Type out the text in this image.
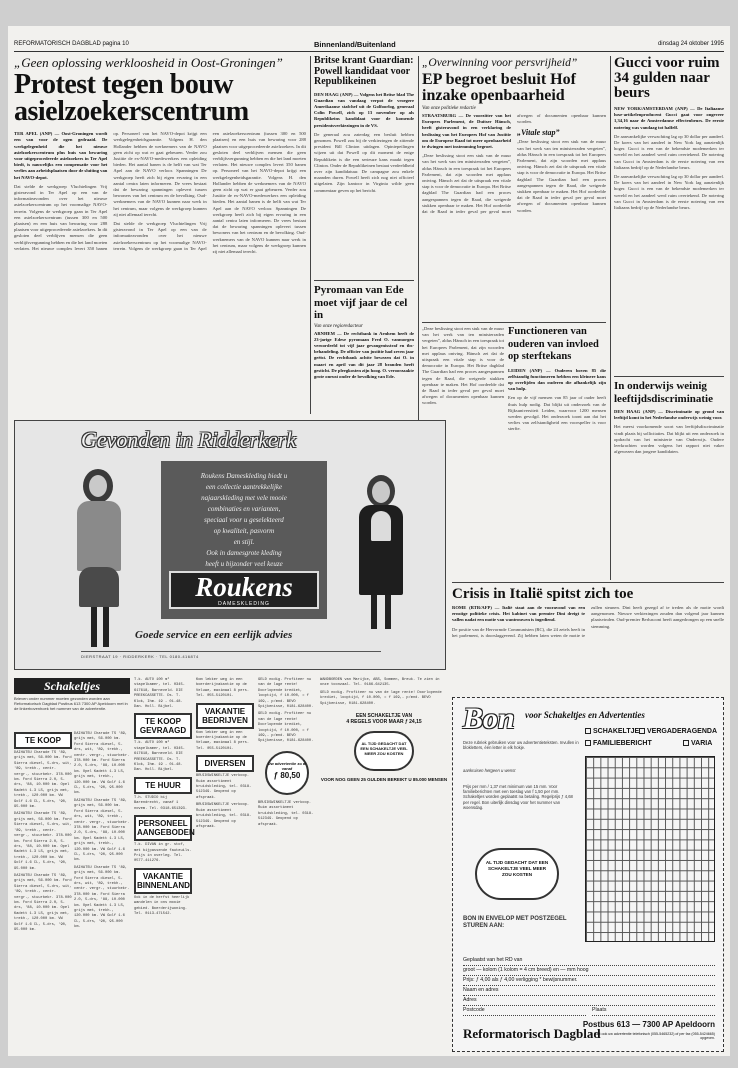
REFORMATORISCH DAGBLAD pagina 10	Binnenland/Buitenland	dinsdag 24 oktober 1995
„Geen oplossing werkloosheid in Oost-Groningen”
Protest tegen bouw asielzoekerscentrum

TER APEL (ANP) — Oost-Groningen wordt een van voor de ogen gedraaid. De werkgelegenheid die het nieuwe asielzoekerscentrum plus huis van bewaring voor uitgeprocedeerde asielzoekers in Ter Apel biedt, is nauwelijks een compensatie voor het verlies aan arbeidsplaatsen door de sluiting van het NAVO-depot.

Dat stelde de werkgroep Vluchtelingen Vrij gisteravond in Ter Apel op een van de informatieavonden over het nieuwe asielzoekerscentrum op het voormalige NAVO-terrein. Volgens de werkgroep gaan in Ter Apel een asielzoekerscentrum (tussen 300 en 500 plaatsen) en een huis van bewaring voor 288 plaatsen voor uitgeprocedeerde asielzoekers. In dit gesloten deel verblijven mensen die geen verblijfsvergunning hebben en die het land moeten verlaten. Het nieuwe complex levert 350 banen op. Personeel van het NAVO-depot krijgt een werkgelegenheidsgarantie. Volgens H. den Hollander hebben de werknemers van de NAVO geen zicht op wat er gaat gebeuren. Verder zou Justitie de ex-NAVO-medewerkers een opleiding bieden. Het aantal banen is de helft van wat Ter Apel aan de NAVO verloor. Spanningen De werkgroep heeft zich bij eigen ervaring in een aantal centra laten informeren. De vrees bestaat dat de bewaring spanningen oplevert tussen bewoners van het centrum en de bevolking. Oud-werknemers van de NAVO kunnen naar werk in het centrum, maar volgens de werkgroep kunnen zij niet allemaal terecht.

Dat stelde de werkgroep Vluchtelingen Vrij gisteravond in Ter Apel op een van de informatieavonden over het nieuwe asielzoekerscentrum op het voormalige NAVO-terrein. Volgens de werkgroep gaan in Ter Apel een asielzoekerscentrum (tussen 300 en 500 plaatsen) en een huis van bewaring voor 288 plaatsen voor uitgeprocedeerde asielzoekers. In dit gesloten deel verblijven mensen die geen verblijfsvergunning hebben en die het land moeten verlaten. Het nieuwe complex levert 350 banen op. Personeel van het NAVO-depot krijgt een werkgelegenheidsgarantie. Volgens H. den Hollander hebben de werknemers van de NAVO geen zicht op wat er gaat gebeuren. Verder zou Justitie de ex-NAVO-medewerkers een opleiding bieden. Het aantal banen is de helft van wat Ter Apel aan de NAVO verloor. Spanningen De werkgroep heeft zich bij eigen ervaring in een aantal centra laten informeren. De vrees bestaat dat de bewaring spanningen oplevert tussen bewoners van het centrum en de bevolking. Oud-werknemers van de NAVO kunnen naar werk in het centrum, maar volgens de werkgroep kunnen zij niet allemaal terecht.

Britse krant Guardian: Powell kandidaat voor Republikeinen

DEN HAAG (ANP) — Volgens het Britse blad The Guardian van vandaag verpot de vroegere Amerikaanse stafchef uit de Golfoorlog, generaal Colin Powell, zich op 13 november op als Republikeins kandidaat voor de komende presidentsverkiezingen in de VS.

De generaal zou zaterdag een besluit hebben genomen. Powell zou bij de verkiezingen de zittende president Bill Clinton uitdagen. Opiniepeilingen wijzen uit dat Powell op dit moment de enige Republikein is die een serieuze kans maakt tegen Clinton. Onder de Republikeinen bestaat verdeeldheid over zijn kandidatuur. De campagne zou enkele maanden duren. Powell heeft zich nog niet officieel uitgelaten. Zijn kantoor in Virginia wilde geen commentaar geven op het bericht.

Pyromaan van Ede moet vijf jaar de cel in
Van onze regioredacteur

ARNHEM — De rechtbank in Arnhem heeft de 23-jarige Edese pyromaan Fred O. vanmorgen veroordeeld tot vijf jaar gevangenisstraf en tbs-behandeling. De officier van justitie had zeven jaar geëist. De rechtbank achtte bewezen dat O. in maart en april van dit jaar 28 branden heeft gesticht. De pleegkosten zijn hoog. O. veroorzaakte grote onrust onder de bevolking van Ede.

„Overwinning voor persvrijheid”
EP begroet besluit Hof inzake openbaarheid
Van onze politieke redactie

STRAATSBURG — De voorzitter van het Europees Parlement, de Duitser Hänsch, heeft gisteravond in een verklaring de beslissing van het Europees Hof van Justitie om de Europese Raad tot meer openbaarheid te dwingen met instemming begroet.

„Deze beslissing stoot een stuk van de muur van het werk van ten ministerraden vergeten”, aldus Hänsch in een toespraak tot het Europees Parlement, dat zijn woorden met applaus ontving. Hänsch zei dat de uitspraak een vitale stap is voor de democratie in Europa. Het Britse dagblad The Guardian had een proces aangespannen tegen de Raad, die weigerde stukken openbaar te maken. Het Hof oordeelde dat de Raad in ieder geval per geval moet afwegen of documenten openbaar kunnen worden.

„Vitale stap”

„Deze beslissing stoot een stuk van de muur van het werk van ten ministerraden vergeten”, aldus Hänsch in een toespraak tot het Europees Parlement, dat zijn woorden met applaus ontving. Hänsch zei dat de uitspraak een vitale stap is voor de democratie in Europa. Het Britse dagblad The Guardian had een proces aangespannen tegen de Raad, die weigerde stukken openbaar te maken. Het Hof oordeelde dat de Raad in ieder geval per geval moet afwegen of documenten openbaar kunnen worden.

Functioneren van ouderen van invloed op sterftekans

LEIDEN (ANP) — Ouderen boven 85 die zelfstandig functioneren hebben een kleinere kans op overlijden dan ouderen die afhankelijk zijn van hulp.

Een op de vijf mensen van 85 jaar of ouder heeft thuis hulp nodig. Dat blijkt uit onderzoek van de Rijksuniversiteit Leiden, waarvoor 1200 mensen werden gevolgd. Het onderzoek toont aan dat het verlies van zelfstandigheid een voorspeller is voor sterfte.

„Deze beslissing stoot een stuk van de muur van het werk van ten ministerraden vergeten”, aldus Hänsch in een toespraak tot het Europees Parlement, dat zijn woorden met applaus ontving. Hänsch zei dat de uitspraak een vitale stap is voor de democratie in Europa. Het Britse dagblad The Guardian had een proces aangespannen tegen de Raad, die weigerde stukken openbaar te maken. Het Hof oordeelde dat de Raad in ieder geval per geval moet afwegen of documenten openbaar kunnen worden.

Gucci voor ruim 34 gulden naar beurs

NEW YORK/AMSTERDAM (ANP) — De Italiaanse luxe-artikelenproducent Gucci gaat voor ongeveer 1,34,16 naar de Amsterdamse effectenbeurs. De eerste notering was vandaag tot halfelf.

De aanvankelijke verwachting lag op 30 dollar per aandeel. De koers van het aandeel in New York lag aanzienlijk hoger. Gucci is een van de bekendste modemerken ter wereld en het aandeel werd ruim overtekend. De notering van Gucci in Amsterdam is de eerste notering van een Italiaans bedrijf op de Nederlandse beurs.

De aanvankelijke verwachting lag op 30 dollar per aandeel. De koers van het aandeel in New York lag aanzienlijk hoger. Gucci is een van de bekendste modemerken ter wereld en het aandeel werd ruim overtekend. De notering van Gucci in Amsterdam is de eerste notering van een Italiaans bedrijf op de Nederlandse beurs.

In onderwijs weinig leeftijdsdiscriminatie

DEN HAAG (ANP) — Discriminatie op grond van leeftijd komt in het Nederlandse onderwijs weinig voor.

Het meest voorkomende soort van leeftijdsdiscriminatie vindt plaats bij sollicitaties. Dat blijkt uit een onderzoek in opdracht van het ministerie van Onderwijs. Oudere leerkrachten worden volgens het rapport niet vaker afgewezen dan jongere kandidaten.

Crisis in Italië spitst zich toe

ROME (RTR/AFP) — Italië staat aan de vooravond van een ernstige politieke crisis. Het kabinet van premier Dini dreigt te vallen nadat een motie van wantrouwen is ingediend.

De positie van de Hervormde Communisten (RC), die 24 zetels heeft in het parlement, is doorslaggevend. Zij hebben laten weten de motie te zullen steunen. Dini heeft gezegd af te treden als de motie wordt aangenomen. Nieuwe verkiezingen zouden dan volgend jaar kunnen plaatsvinden. Oud-premier Berlusconi heeft aangedrongen op een snelle stemming.

Gevonden in Ridderkerk
Roukens Dameskleding biedt u
een collectie aantrekkelijke
najaarskleding met vele mooie
combinaties en varianten,
speciaal voor u geselekteerd
op kwaliteit, pasvorm
en stijl.
Ook in damesgrote kleding
heeft u bijzonder veel keuze
Roukens
DAMESKLEDING
Goede service en een eerlijk advies
DIERSTRAAT 19 · RIDDERKERK · TEL 0180-416874
Schakeltjes
Brieven onder nummer moeten gezonden worden aan Reformatorisch Dagblad Postbus 613 7300 AP Apeldoorn met in de linkerbovenhoek het nummer van de advertentie.
TE KOOP
DAIHATSU Charade TS '89, grijs met, 56.000 km. Ford Sierra diesel, 5-drs, wit, '89, trekh., centr. vergr., stuurbekr. 378.000 km. Ford Sierra 2.0, 5-drs, '88, 10.000 km. Opel Kadett 1.3 LS, grijs met, trekh., 120.000 km. VW Golf 1.6 CL, 5-drs, '90, 95.000 km.
DAIHATSU Charade TS '89, grijs met, 56.000 km. Ford Sierra diesel, 5-drs, wit, '89, trekh., centr. vergr., stuurbekr. 378.000 km. Ford Sierra 2.0, 5-drs, '88, 10.000 km. Opel Kadett 1.3 LS, grijs met, trekh., 120.000 km. VW Golf 1.6 CL, 5-drs, '90, 95.000 km.
DAIHATSU Charade TS '89, grijs met, 56.000 km. Ford Sierra diesel, 5-drs, wit, '89, trekh., centr. vergr., stuurbekr. 378.000 km. Ford Sierra 2.0, 5-drs, '88, 10.000 km. Opel Kadett 1.3 LS, grijs met, trekh., 120.000 km. VW Golf 1.6 CL, 5-drs, '90, 95.000 km.
DAIHATSU Charade TS '89, grijs met, 56.000 km. Ford Sierra diesel, 5-drs, wit, '89, trekh., centr. vergr., stuurbekr. 378.000 km. Ford Sierra 2.0, 5-drs, '88, 10.000 km. Opel Kadett 1.3 LS, grijs met, trekh., 120.000 km. VW Golf 1.6 CL, 5-drs, '90, 95.000 km.
DAIHATSU Charade TS '89, grijs met, 56.000 km. Ford Sierra diesel, 5-drs, wit, '89, trekh., centr. vergr., stuurbekr. 378.000 km. Ford Sierra 2.0, 5-drs, '88, 10.000 km. Opel Kadett 1.3 LS, grijs met, trekh., 120.000 km. VW Golf 1.6 CL, 5-drs, '90, 95.000 km.
DAIHATSU Charade TS '89, grijs met, 56.000 km. Ford Sierra diesel, 5-drs, wit, '89, trekh., centr. vergr., stuurbekr. 378.000 km. Ford Sierra 2.0, 5-drs, '88, 10.000 km. Opel Kadett 1.3 LS, grijs met, trekh., 120.000 km. VW Golf 1.6 CL, 5-drs, '90, 95.000 km.
T.k. AUTO 100 m² stapelkamer, tel. 0345-617618, Barneveld. DIE PREEKCASSETTE. Ds. T. Klok, Ihm. 19 - 01-48. Dan. Holl. Bijbel.
TE KOOP GEVRAAGD
T.k. AUTO 100 m² stapelkamer, tel. 0345-617618, Barneveld. DIE PREEKCASSETTE. Ds. T. Klok, Ihm. 19 - 01-48. Dan. Holl. Bijbel.
TE HUUR
T.h. STUDIO bij Barendrecht, vanaf 1 novem. Tel. 0318-651393.
PERSONEEL AANGEBODEN
T.k. DIVAN in gr. stof, met bijpassende fauteuils. Prijs in overleg. Tel. 0577-411276.
VAKANTIE BINNENLAND
Ook in de herfst heerlijk wandelen in ons mooie gebied. Boerderijwoning. Tel. 0113-471542.
Kom lekker weg in een boerderijvakantie op de Veluwe, maximaal 8 pers. Tel. 055-5120101.
VAKANTIE BEDRIJVEN
Kom lekker weg in een boerderijvakantie op de Veluwe, maximaal 8 pers. Tel. 055-5120101.
DIVERSEN
BRUIDSWINKELTJE verkoop. Ruim assortiment bruidskleding, tel. 0318-512349. Geopend op afspraak.
BRUIDSWINKELTJE verkoop. Ruim assortiment bruidskleding, tel. 0318-512349. Geopend op afspraak.
GELD nodig. Profiteer nu van de lage rente! Doorlopende krediet, looptijd, f 10.000, = f 169,- p/mnd. BEVO Spijkenisse, 0181-628400.
GELD nodig. Profiteer nu van de lage rente! Doorlopende krediet, looptijd, f 10.000, = f 169,- p/mnd. BEVO Spijkenisse, 0181-628400.
Uw advertentie zo al vanaf
ƒ 80,50
BRUIDSWINKELTJE verkoop. Ruim assortiment bruidskleding, tel. 0318-512349. Geopend op afspraak.
WANDBORDEN van Marijke, ABS, Sommen, Breuk. Te zien in onze toonzaal. Tel. 0186-642135.
GELD nodig. Profiteer nu van de lage rente! Doorlopende krediet, looptijd, f 10.000, = f 169,- p/mnd. BEVO Spijkenisse, 0181-628400.
EEN SCHAKELTJE VAN
4 REGELS VOOR MAAR ƒ 24,15
AL TIJD GEDACHT DAT EEN SCHAKELTJE VEEL MEER ZOU KOSTEN
VOOR NOG GEEN 25 GULDEN BEREIKT U 85.000 MENSEN
Bon voor Schakeltjes en Advertenties
SCHAKELTJE	VERGADERAGENDA
VARIA
FAMILIEBERICHT
Deze rubriek gebruiken voor uw advertentieteksten. Invullen in blokletters, één letter in elk hokje.
aankruisen hetgeen u wenst
Prijs per mm / 1,37 met minimum van 15 mm. Voor familieberichten met een toeslag van f 1,50 per mm. Schakeltjes worden geplaatst na betaling. Regelprijs ƒ 4,68 per regel. Bon uiterlijk dinsdag voor het nummer van woensdag.
AL TIJD GEDACHT DAT EEN SCHAKELTJE VEEL MEER ZOU KOSTEN
BON IN ENVELOP MET POSTZEGEL STUREN AAN:
Geplaatst van het RD van
groot — kolom (1 kolom = 4 cm breed) en — mm hoog
Prijs: ƒ 4,00 als ƒ 4,00 verligging * bewijsnummer.
Naam en adres
Adres
Postcode	Plaats
Reformatorisch Dagblad
Postbus 613 — 7300 AP Apeldoorn
U kunt ook uw advertentie telefonisch (055-5465232) of per fax (055-5424665) opgeven.
